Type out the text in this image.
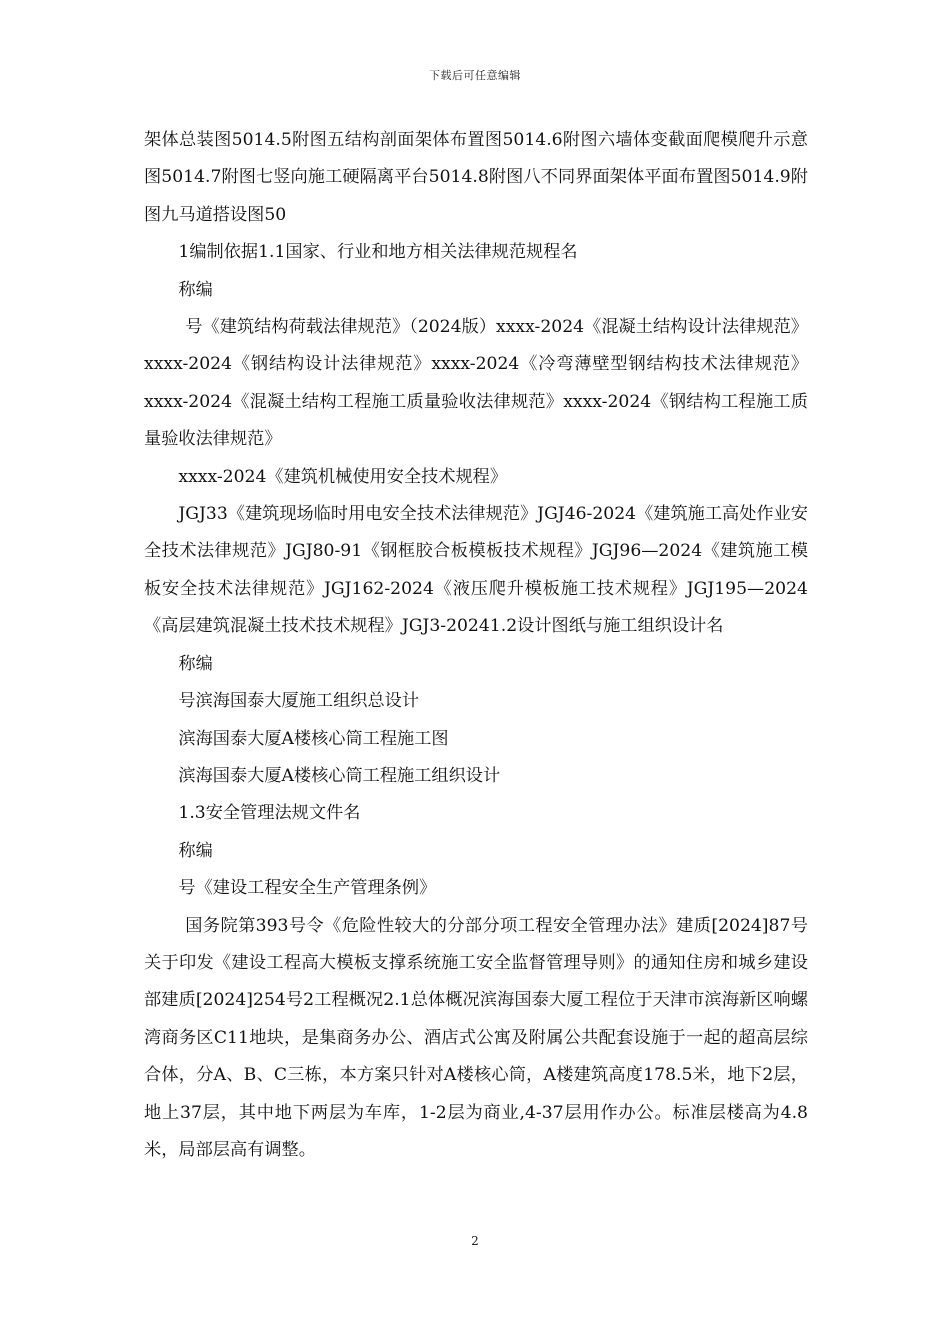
下载后可任意编辑

架体总装图5014.5附图五结构剖面架体布置图5014.6附图六墙体变截面爬模爬升示意图5014.7附图七竖向施工硬隔离平台5014.8附图八不同界面架体平面布置图5014.9附图九马道搭设图50

1编制依据1.1国家、行业和地方相关法律规范规程名

称编

号《建筑结构荷载法律规范》（2024版）xxxx-2024《混凝土结构设计法律规范》xxxx-2024《钢结构设计法律规范》xxxx-2024《冷弯薄壁型钢结构技术法律规范》xxxx-2024《混凝土结构工程施工质量验收法律规范》xxxx-2024《钢结构工程施工质量验收法律规范》

xxxx-2024《建筑机械使用安全技术规程》

JGJ33《建筑现场临时用电安全技术法律规范》JGJ46-2024《建筑施工高处作业安全技术法律规范》JGJ80-91《钢框胶合板模板技术规程》JGJ96—2024《建筑施工模板安全技术法律规范》JGJ162-2024《液压爬升模板施工技术规程》JGJ195—2024《高层建筑混凝土技术技术规程》JGJ3-20241.2设计图纸与施工组织设计名

称编

号滨海国泰大厦施工组织总设计

滨海国泰大厦A楼核心筒工程施工图

滨海国泰大厦A楼核心筒工程施工组织设计

1.3安全管理法规文件名

称编

号《建设工程安全生产管理条例》

国务院第393号令《危险性较大的分部分项工程安全管理办法》建质[2024]87号关于印发《建设工程高大模板支撑系统施工安全监督管理导则》的通知住房和城乡建设部建质[2024]254号2工程概况2.1总体概况滨海国泰大厦工程位于天津市滨海新区响螺湾商务区C11地块，是集商务办公、酒店式公寓及附属公共配套设施于一起的超高层综合体，分A、B、C三栋，本方案只针对A楼核心筒，A楼建筑高度178.5米，地下2层，地上37层，其中地下两层为车库，1-2层为商业,4-37层用作办公。标准层楼高为4.8米，局部层高有调整。

2
